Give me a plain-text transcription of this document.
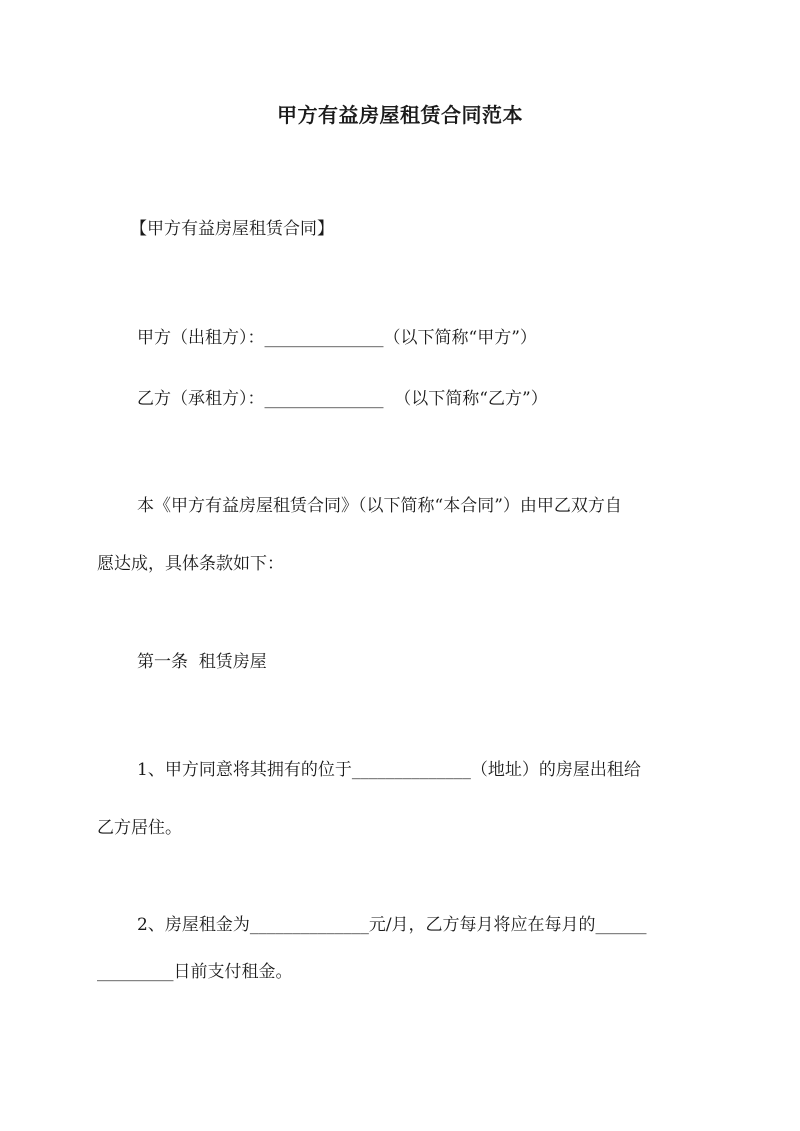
甲方有益房屋租赁合同范本

【甲方有益房屋租赁合同】

甲方（出租方）：______________（以下简称“甲方”）

乙方（承租方）：______________  （以下简称“乙方”）

本《甲方有益房屋租赁合同》（以下简称“本合同”）由甲乙双方自

愿达成，具体条款如下：

第一条  租赁房屋

1、甲方同意将其拥有的位于______________（地址）的房屋出租给

乙方居住。

2、房屋租金为______________元/月，乙方每月将应在每月的______

_________日前支付租金。
